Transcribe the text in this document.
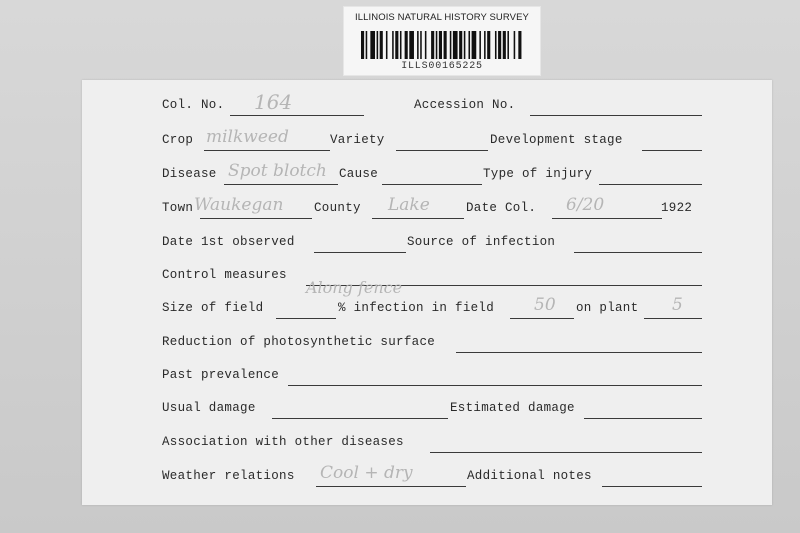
ILLINOIS NATURAL HISTORY SURVEY
ILLS00165225
Col. No. 164	Accession No.
Crop milkweed	Variety	Development stage
Disease Spot blotch Cause	Type of injury
Town Waukegan County Lake	Date Col. 6/20	1922
Date 1st observed	Source of infection
Control measures
Along fence
Size of field	% infection in field 50 on plant 5
Reduction of photosynthetic surface
Past prevalence
Usual damage	Estimated damage
Association with other diseases
Weather relations Cool + dry	Additional notes
